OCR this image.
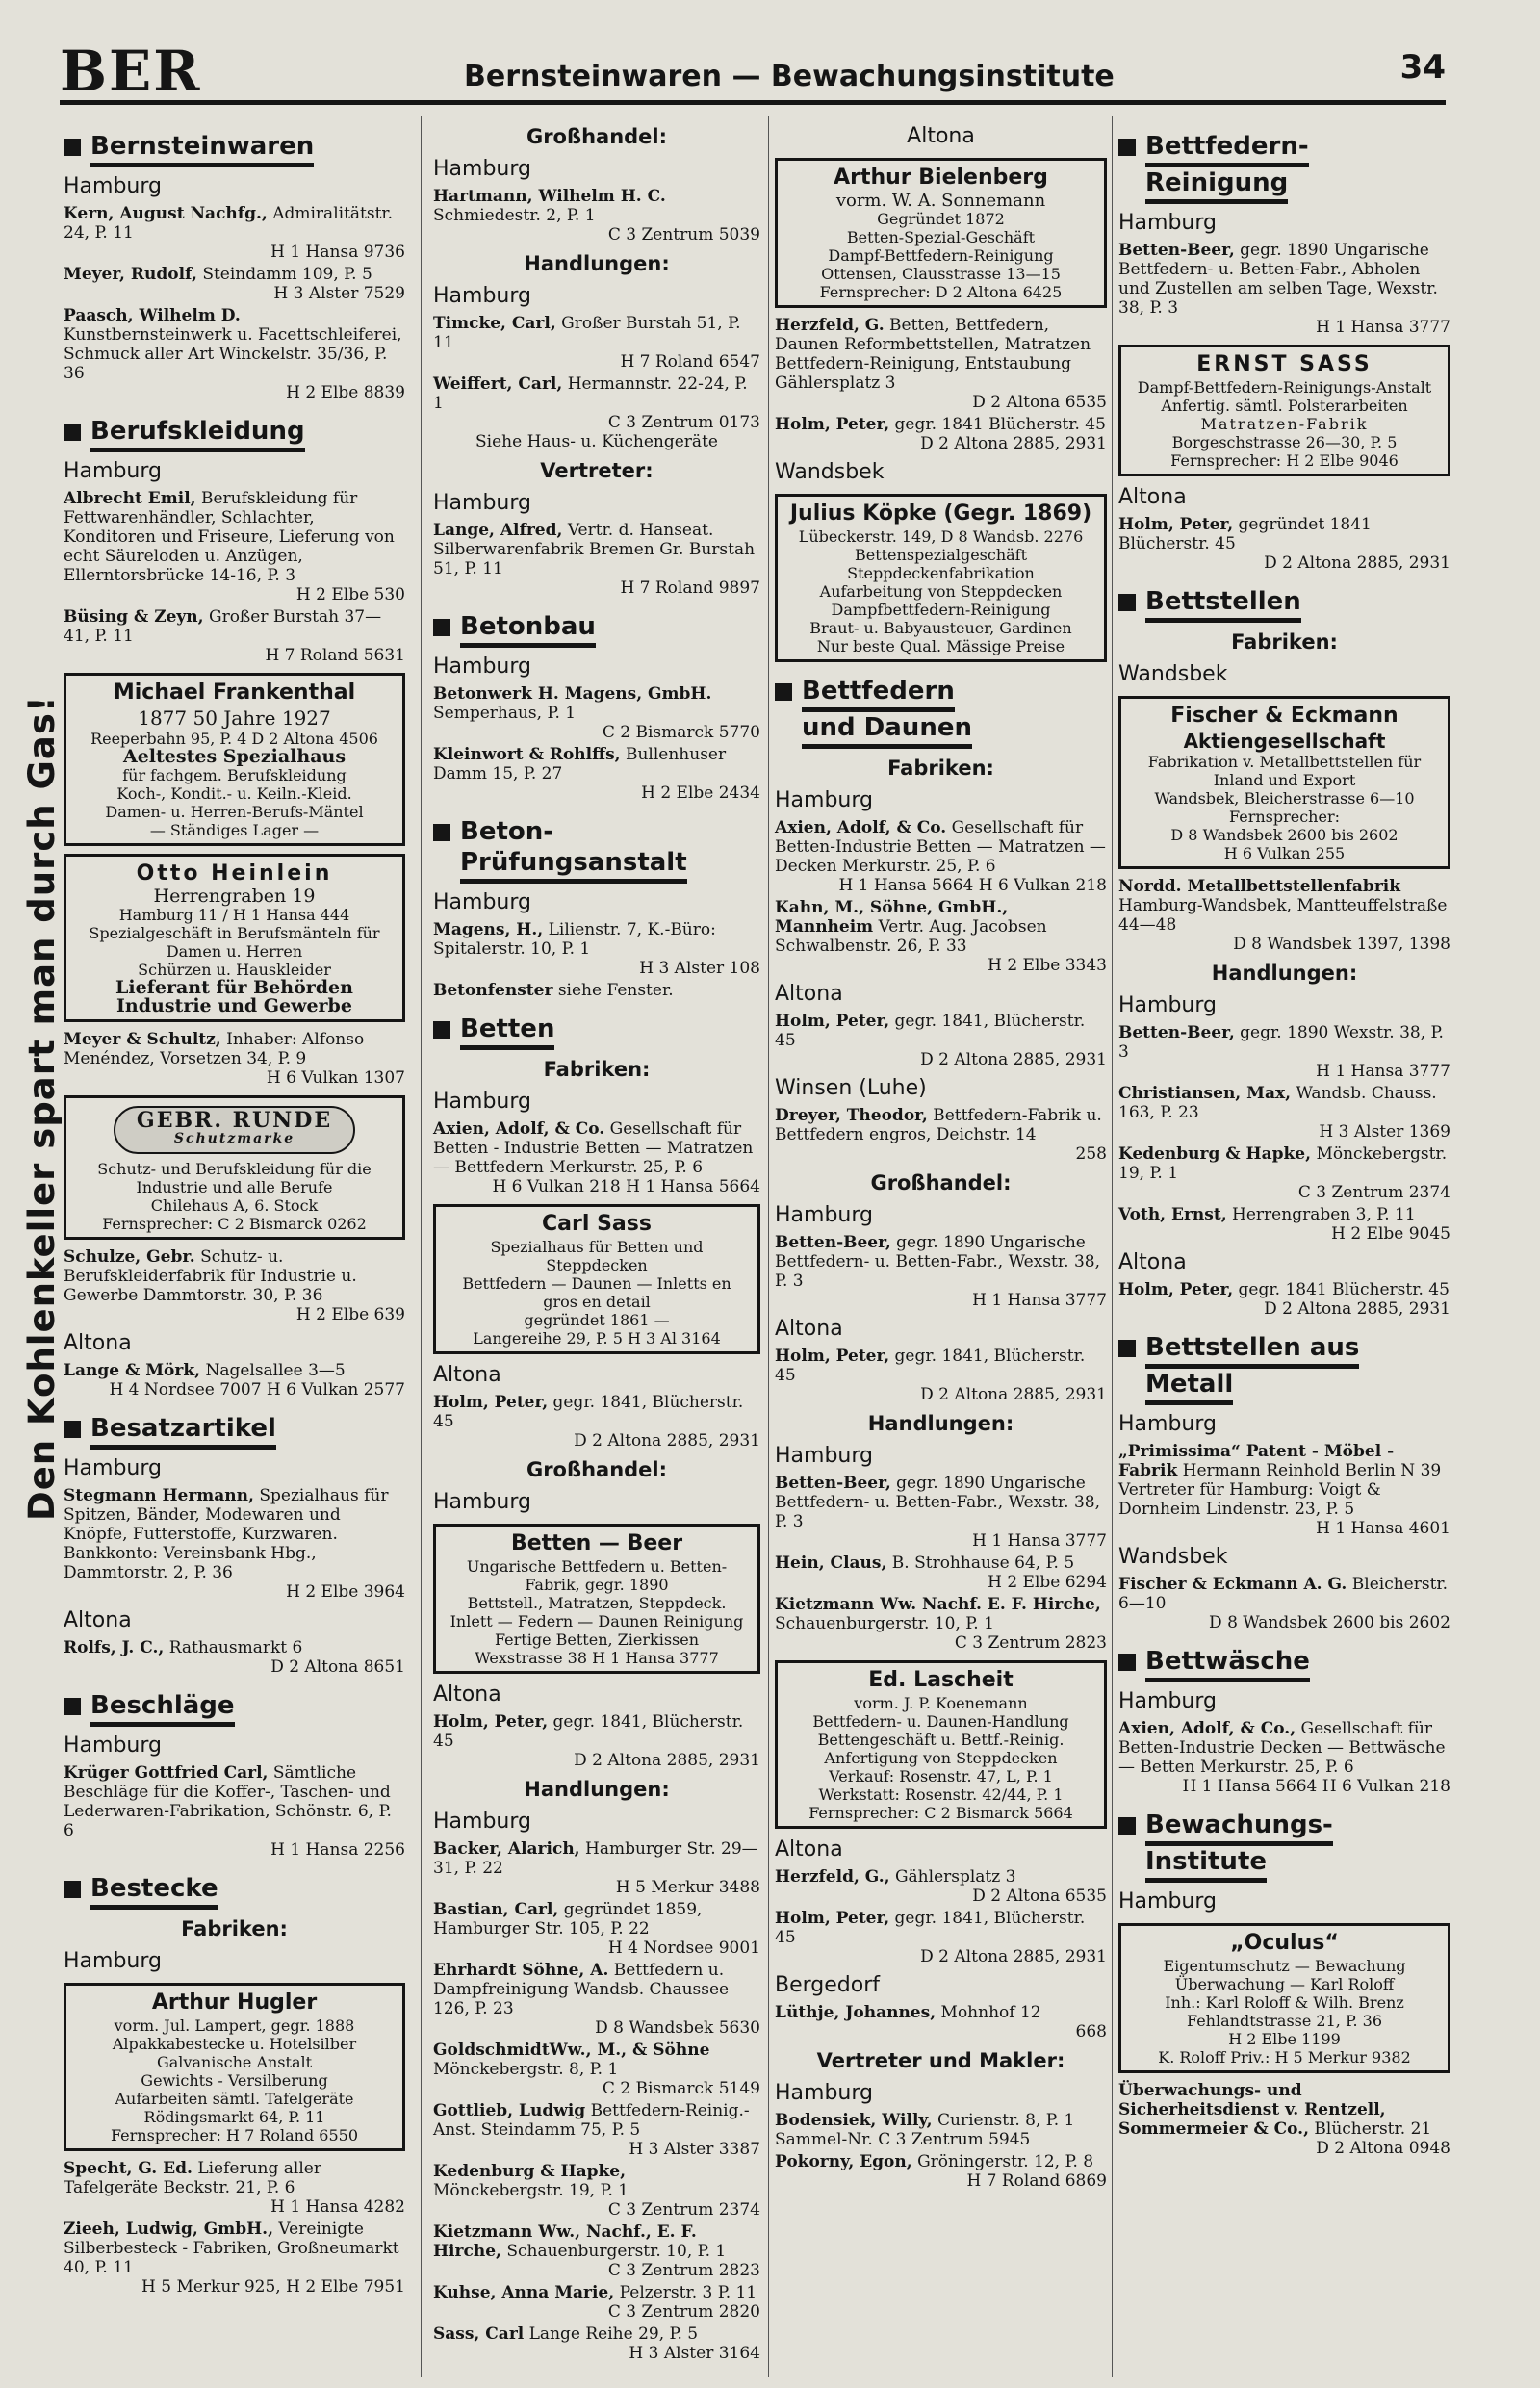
BER	Bernsteinwaren — Bewachungsinstitute	34
Den Kohlenkeller spart man durch Gas!
Bernsteinwaren
Hamburg
Kern, August Nachfg., Admiralitätstr. 24, P. 11
H 1 Hansa 9736
Meyer, Rudolf, Steindamm 109, P. 5
H 3 Alster 7529
Paasch, Wilhelm D. Kunstbernsteinwerk u. Facettschleiferei, Schmuck aller Art Winckelstr. 35/36, P. 36
H 2 Elbe 8839
Berufskleidung
Hamburg
Albrecht Emil, Berufskleidung für Fettwarenhändler, Schlachter, Konditoren und Friseure, Lieferung von echt Säureloden u. Anzügen, Ellerntorsbrücke 14-16, P. 3
H 2 Elbe 530
Büsing & Zeyn, Großer Burstah 37—41, P. 11
H 7 Roland 5631
Michael Frankenthal
1877 50 Jahre 1927
Reeperbahn 95, P. 4 D 2 Altona 4506
Aeltestes Spezialhaus
für fachgem. Berufskleidung
Koch-, Kondit.- u. Keiln.-Kleid.
Damen- u. Herren-Berufs-Mäntel
— Ständiges Lager —
Otto Heinlein
Herrengraben 19
Hamburg 11 / H 1 Hansa 444
Spezialgeschäft in Berufsmänteln für Damen u. Herren
Schürzen u. Hauskleider
Lieferant für Behörden
Industrie und Gewerbe
Meyer & Schultz, Inhaber: Alfonso Menéndez, Vorsetzen 34, P. 9
H 6 Vulkan 1307
GEBR. RUNDE
Schutzmarke
Schutz- und Berufskleidung für die Industrie und alle Berufe
Chilehaus A, 6. Stock
Fernsprecher: C 2 Bismarck 0262
Schulze, Gebr. Schutz- u. Berufskleiderfabrik für Industrie u. Gewerbe Dammtorstr. 30, P. 36
H 2 Elbe 639
Altona
Lange & Mörk, Nagelsallee 3—5
H 4 Nordsee 7007 H 6 Vulkan 2577
Besatzartikel
Hamburg
Stegmann Hermann, Spezialhaus für Spitzen, Bänder, Modewaren und Knöpfe, Futterstoffe, Kurzwaren. Bankkonto: Vereinsbank Hbg., Dammtorstr. 2, P. 36
H 2 Elbe 3964
Altona
Rolfs, J. C., Rathausmarkt 6
D 2 Altona 8651
Beschläge
Hamburg
Krüger Gottfried Carl, Sämtliche Beschläge für die Koffer-, Taschen- und Lederwaren-Fabrikation, Schönstr. 6, P. 6
H 1 Hansa 2256
Bestecke
Fabriken:
Hamburg
Arthur Hugler
vorm. Jul. Lampert, gegr. 1888
Alpakkabestecke u. Hotelsilber
Galvanische Anstalt
Gewichts - Versilberung
Aufarbeiten sämtl. Tafelgeräte
Rödingsmarkt 64, P. 11
Fernsprecher: H 7 Roland 6550
Specht, G. Ed. Lieferung aller Tafelgeräte Beckstr. 21, P. 6
H 1 Hansa 4282
Zieeh, Ludwig, GmbH., Vereinigte Silberbesteck - Fabriken, Großneumarkt 40, P. 11
H 5 Merkur 925, H 2 Elbe 7951
Großhandel:
Hamburg
Hartmann, Wilhelm H. C. Schmiedestr. 2, P. 1
C 3 Zentrum 5039
Handlungen:
Hamburg
Timcke, Carl, Großer Burstah 51, P. 11
H 7 Roland 6547
Weiffert, Carl, Hermannstr. 22-24, P. 1
C 3 Zentrum 0173
Siehe Haus- u. Küchengeräte
Vertreter:
Hamburg
Lange, Alfred, Vertr. d. Hanseat. Silberwarenfabrik Bremen Gr. Burstah 51, P. 11
H 7 Roland 9897
Betonbau
Hamburg
Betonwerk H. Magens, GmbH. Semperhaus, P. 1
C 2 Bismarck 5770
Kleinwort & Rohlffs, Bullenhuser Damm 15, P. 27
H 2 Elbe 2434
Beton-
Prüfungsanstalt
Hamburg
Magens, H., Lilienstr. 7, K.-Büro: Spitalerstr. 10, P. 1
H 3 Alster 108
Betonfenster siehe Fenster.
Betten
Fabriken:
Hamburg
Axien, Adolf, & Co. Gesellschaft für Betten - Industrie Betten — Matratzen — Bettfedern Merkurstr. 25, P. 6
H 6 Vulkan 218 H 1 Hansa 5664
Carl Sass
Spezialhaus für Betten und Steppdecken
Bettfedern — Daunen — Inletts en gros en detail
gegründet 1861 —
Langereihe 29, P. 5 H 3 Al 3164
Altona
Holm, Peter, gegr. 1841, Blücherstr. 45
D 2 Altona 2885, 2931
Großhandel:
Hamburg
Betten — Beer
Ungarische Bettfedern u. Betten-Fabrik, gegr. 1890
Bettstell., Matratzen, Steppdeck.
Inlett — Federn — Daunen Reinigung
Fertige Betten, Zierkissen
Wexstrasse 38 H 1 Hansa 3777
Altona
Holm, Peter, gegr. 1841, Blücherstr. 45
D 2 Altona 2885, 2931
Handlungen:
Hamburg
Backer, Alarich, Hamburger Str. 29—31, P. 22
H 5 Merkur 3488
Bastian, Carl, gegründet 1859, Hamburger Str. 105, P. 22
H 4 Nordsee 9001
Ehrhardt Söhne, A. Bettfedern u. Dampfreinigung Wandsb. Chaussee 126, P. 23
D 8 Wandsbek 5630
GoldschmidtWw., M., & Söhne Mönckebergstr. 8, P. 1
C 2 Bismarck 5149
Gottlieb, Ludwig Bettfedern-Reinig.-Anst. Steindamm 75, P. 5
H 3 Alster 3387
Kedenburg & Hapke, Mönckebergstr. 19, P. 1
C 3 Zentrum 2374
Kietzmann Ww., Nachf., E. F. Hirche, Schauenburgerstr. 10, P. 1
C 3 Zentrum 2823
Kuhse, Anna Marie, Pelzerstr. 3 P. 11
C 3 Zentrum 2820
Sass, Carl Lange Reihe 29, P. 5
H 3 Alster 3164
Altona
Arthur Bielenberg
vorm. W. A. Sonnemann
Gegründet 1872
Betten-Spezial-Geschäft
Dampf-Bettfedern-Reinigung
Ottensen, Clausstrasse 13—15
Fernsprecher: D 2 Altona 6425
Herzfeld, G. Betten, Bettfedern, Daunen Reformbettstellen, Matratzen Bettfedern-Reinigung, Entstaubung Gählersplatz 3
D 2 Altona 6535
Holm, Peter, gegr. 1841 Blücherstr. 45
D 2 Altona 2885, 2931
Wandsbek
Julius Köpke (Gegr. 1869)
Lübeckerstr. 149, D 8 Wandsb. 2276
Bettenspezialgeschäft
Steppdeckenfabrikation
Aufarbeitung von Steppdecken
Dampfbettfedern-Reinigung
Braut- u. Babyausteuer, Gardinen
Nur beste Qual. Mässige Preise
Bettfedern
und Daunen
Fabriken:
Hamburg
Axien, Adolf, & Co. Gesellschaft für Betten-Industrie Betten — Matratzen — Decken Merkurstr. 25, P. 6
H 1 Hansa 5664 H 6 Vulkan 218
Kahn, M., Söhne, GmbH., Mannheim Vertr. Aug. Jacobsen Schwalbenstr. 26, P. 33
H 2 Elbe 3343
Altona
Holm, Peter, gegr. 1841, Blücherstr. 45
D 2 Altona 2885, 2931
Winsen (Luhe)
Dreyer, Theodor, Bettfedern-Fabrik u. Bettfedern engros, Deichstr. 14
258
Großhandel:
Hamburg
Betten-Beer, gegr. 1890 Ungarische Bettfedern- u. Betten-Fabr., Wexstr. 38, P. 3
H 1 Hansa 3777
Altona
Holm, Peter, gegr. 1841, Blücherstr. 45
D 2 Altona 2885, 2931
Handlungen:
Hamburg
Betten-Beer, gegr. 1890 Ungarische Bettfedern- u. Betten-Fabr., Wexstr. 38, P. 3
H 1 Hansa 3777
Hein, Claus, B. Strohhause 64, P. 5
H 2 Elbe 6294
Kietzmann Ww. Nachf. E. F. Hirche, Schauenburgerstr. 10, P. 1
C 3 Zentrum 2823
Ed. Lascheit
vorm. J. P. Koenemann
Bettfedern- u. Daunen-Handlung
Bettengeschäft u. Bettf.-Reinig.
Anfertigung von Steppdecken
Verkauf: Rosenstr. 47, L, P. 1
Werkstatt: Rosenstr. 42/44, P. 1
Fernsprecher: C 2 Bismarck 5664
Altona
Herzfeld, G., Gählersplatz 3
D 2 Altona 6535
Holm, Peter, gegr. 1841, Blücherstr. 45
D 2 Altona 2885, 2931
Bergedorf
Lüthje, Johannes, Mohnhof 12
668
Vertreter und Makler:
Hamburg
Bodensiek, Willy, Curienstr. 8, P. 1 Sammel-Nr. C 3 Zentrum 5945
Pokorny, Egon, Gröningerstr. 12, P. 8
H 7 Roland 6869
Bettfedern-
Reinigung
Hamburg
Betten-Beer, gegr. 1890 Ungarische Bettfedern- u. Betten-Fabr., Abholen und Zustellen am selben Tage, Wexstr. 38, P. 3
H 1 Hansa 3777
ERNST SASS
Dampf-Bettfedern-Reinigungs-Anstalt
Anfertig. sämtl. Polsterarbeiten
Matratzen-Fabrik
Borgeschstrasse 26—30, P. 5
Fernsprecher: H 2 Elbe 9046
Altona
Holm, Peter, gegründet 1841 Blücherstr. 45
D 2 Altona 2885, 2931
Bettstellen
Fabriken:
Wandsbek
Fischer & Eckmann
Aktiengesellschaft
Fabrikation v. Metallbettstellen für Inland und Export
Wandsbek, Bleicherstrasse 6—10
Fernsprecher:
D 8 Wandsbek 2600 bis 2602
H 6 Vulkan 255
Nordd. Metallbettstellenfabrik Hamburg-Wandsbek, Mantteuffelstraße 44—48
D 8 Wandsbek 1397, 1398
Handlungen:
Hamburg
Betten-Beer, gegr. 1890 Wexstr. 38, P. 3
H 1 Hansa 3777
Christiansen, Max, Wandsb. Chauss. 163, P. 23
H 3 Alster 1369
Kedenburg & Hapke, Mönckebergstr. 19, P. 1
C 3 Zentrum 2374
Voth, Ernst, Herrengraben 3, P. 11
H 2 Elbe 9045
Altona
Holm, Peter, gegr. 1841 Blücherstr. 45
D 2 Altona 2885, 2931
Bettstellen aus
Metall
Hamburg
„Primissima“ Patent - Möbel - Fabrik Hermann Reinhold Berlin N 39 Vertreter für Hamburg: Voigt & Dornheim Lindenstr. 23, P. 5
H 1 Hansa 4601
Wandsbek
Fischer & Eckmann A. G. Bleicherstr. 6—10
D 8 Wandsbek 2600 bis 2602
Bettwäsche
Hamburg
Axien, Adolf, & Co., Gesellschaft für Betten-Industrie Decken — Bettwäsche — Betten Merkurstr. 25, P. 6
H 1 Hansa 5664 H 6 Vulkan 218
Bewachungs-
Institute
Hamburg
„Oculus“
Eigentumschutz — Bewachung
Überwachung — Karl Roloff
Inh.: Karl Roloff & Wilh. Brenz
Fehlandtstrasse 21, P. 36
H 2 Elbe 1199
K. Roloff Priv.: H 5 Merkur 9382
Überwachungs- und Sicherheitsdienst v. Rentzell, Sommermeier & Co., Blücherstr. 21
D 2 Altona 0948
